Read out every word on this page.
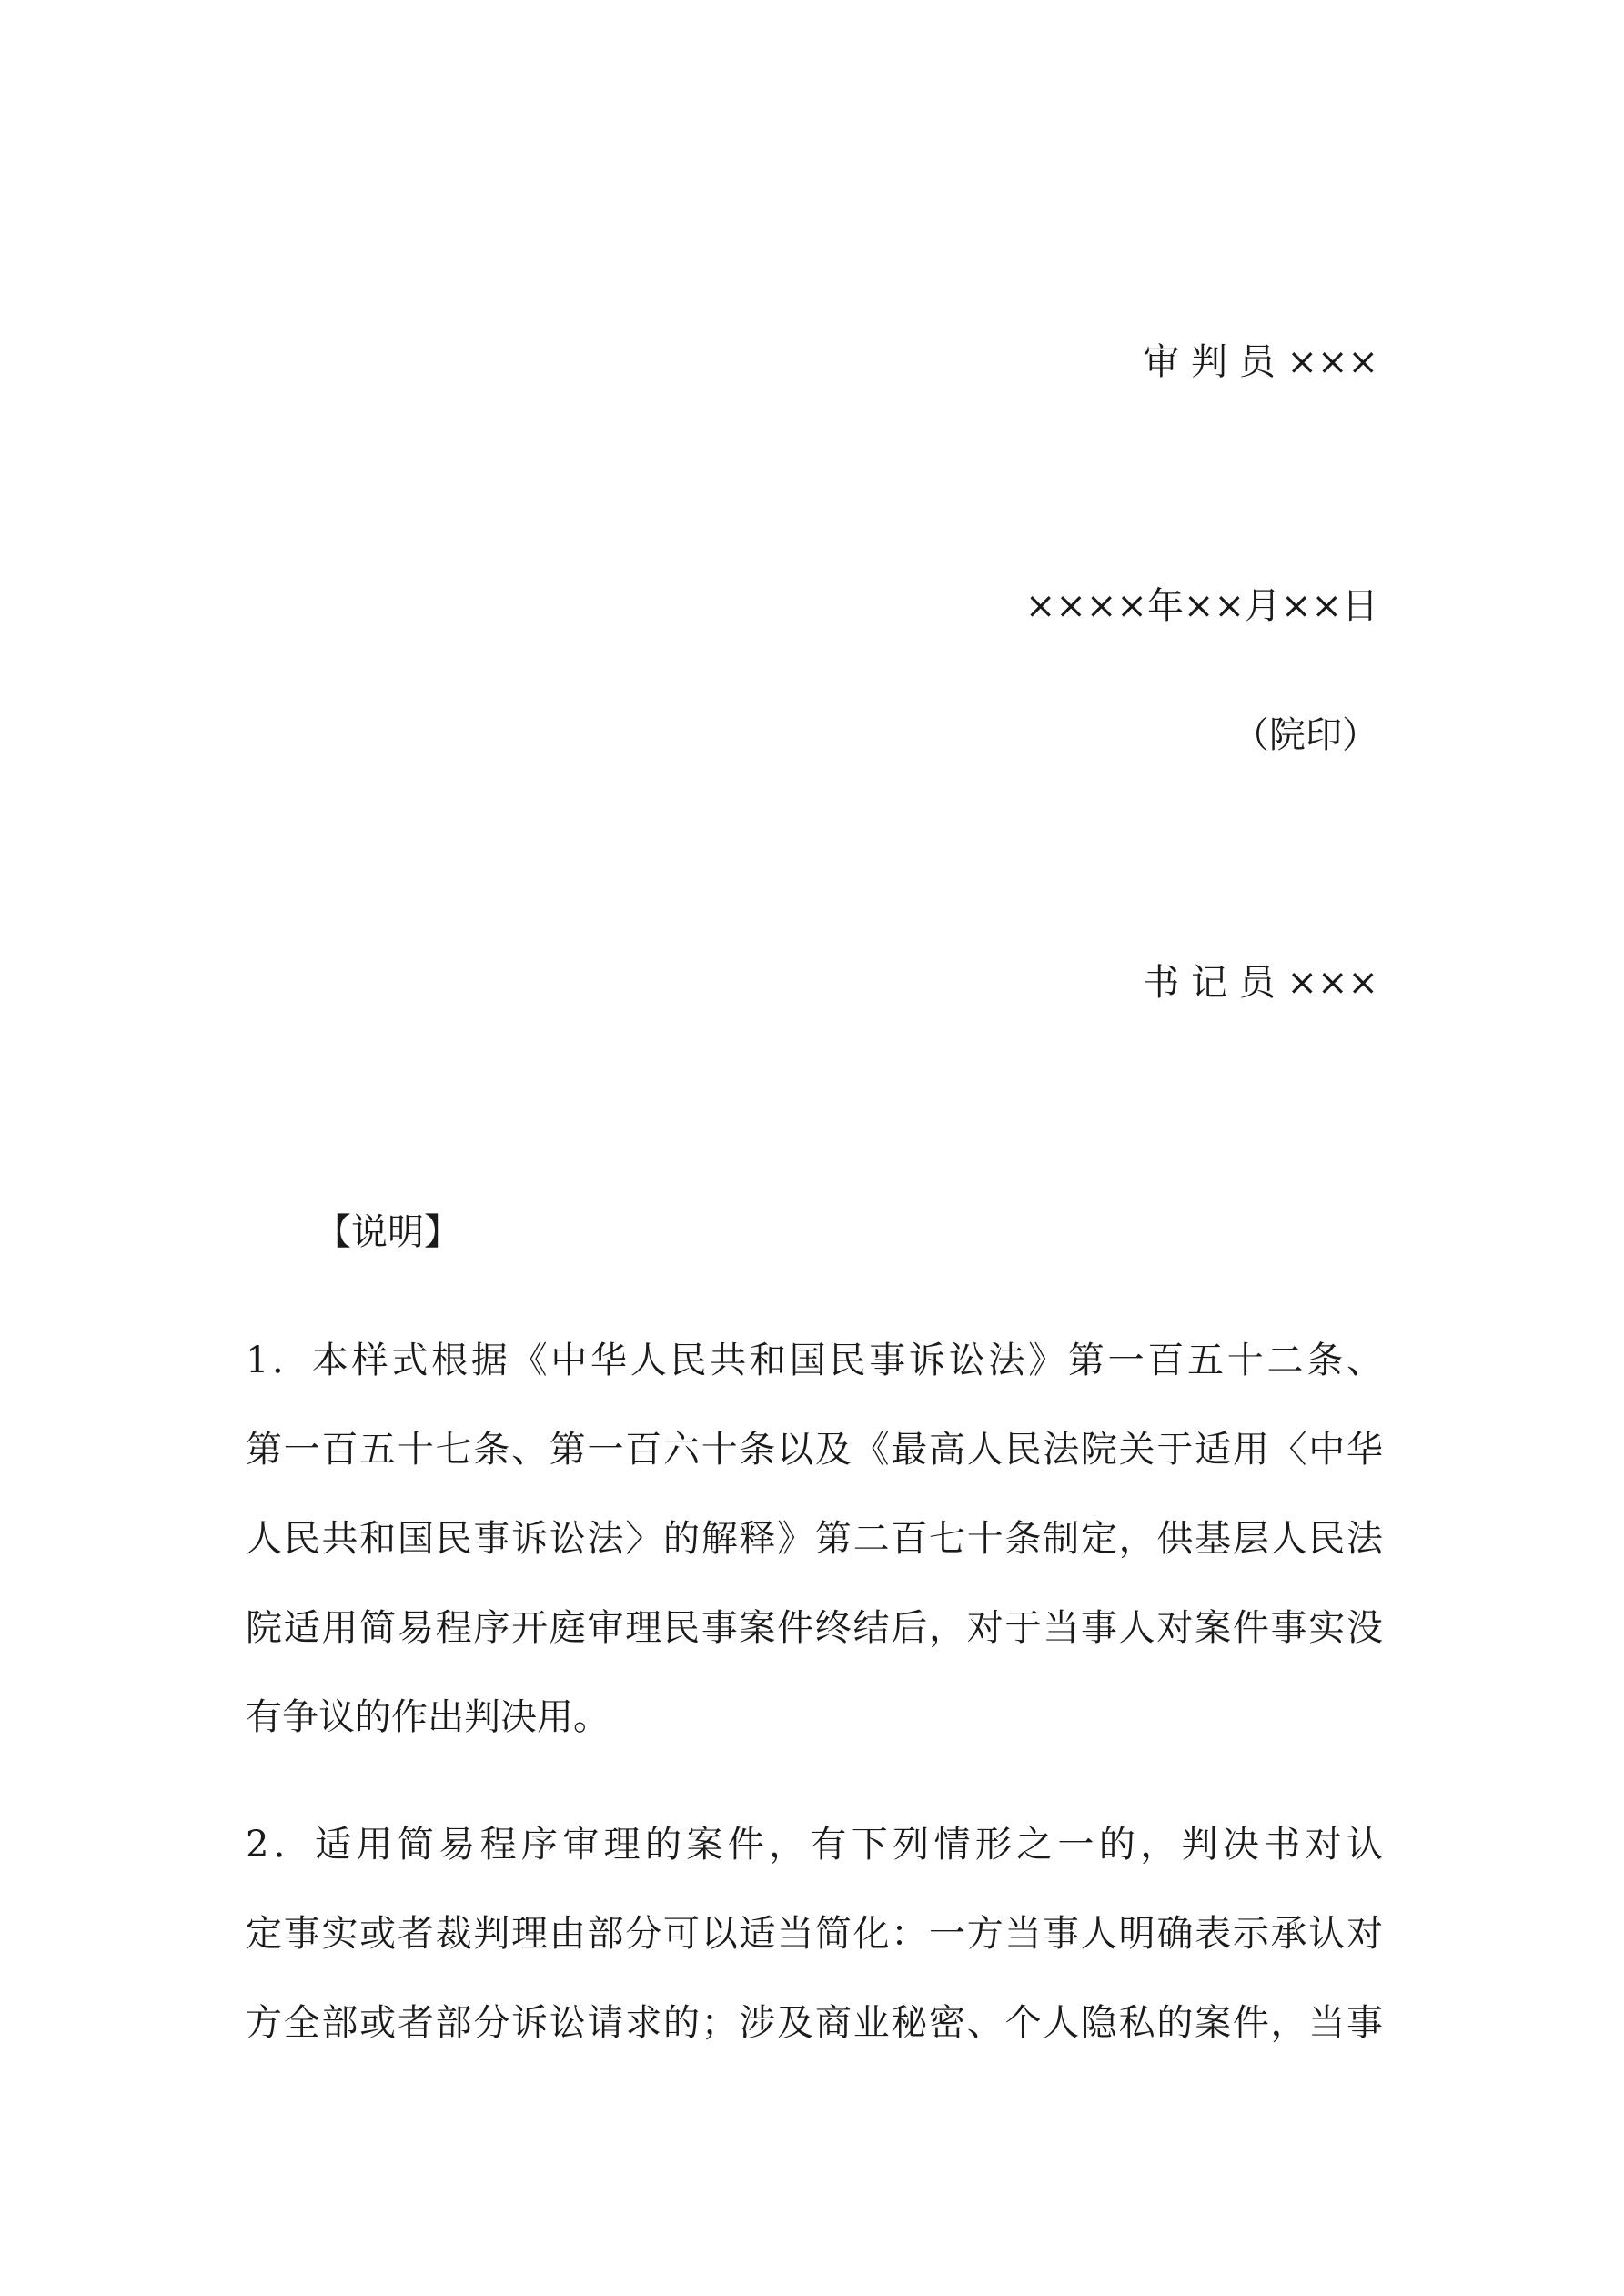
审 判 员 ×××
××××年××月××日
（院印）
书 记 员 ×××
【说明】

1．本样式根据《中华人民共和国民事诉讼法》第一百五十二条、
第一百五十七条、第一百六十条以及《最高人民法院关于适用〈中华
人民共和国民事诉讼法〉的解释》第二百七十条制定，供基层人民法
院适用简易程序开庭审理民事案件终结后，对于当事人对案件事实没
有争议的作出判决用。

2．适用简易程序审理的案件，有下列情形之一的，判决书对认
定事实或者裁判理由部分可以适当简化：一方当事人明确表示承认对
方全部或者部分诉讼请求的；涉及商业秘密、个人隐私的案件，当事
